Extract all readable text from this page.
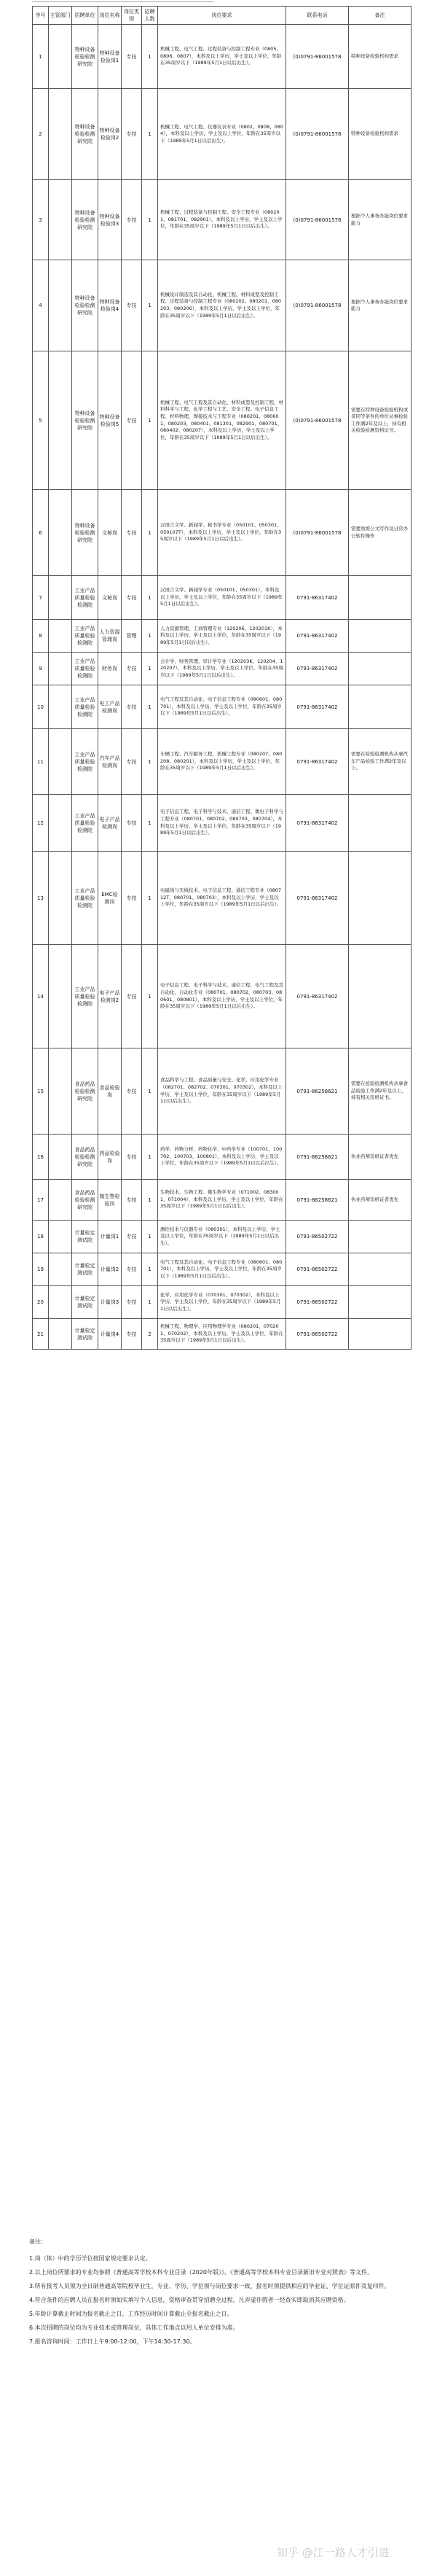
序号	主管部门	招聘单位	岗位名称	岗位类别	招聘人数	岗位要求	联系电话	备注
1		特种设备检验检测研究院	特种设备检验岗1	专技	1	机械工程、电气工程、过程装备与控制工程专业（0805、0806、0807），本科及以上学历，学士及以上学位，年龄在35周岁以下（1989年5月1日以后出生）。	(0)0791-86001578	特种设备检验机构需求
2		特种设备检验检测研究院	特种设备检验岗2	专技	1	机械工程、电气工程、仪器仪表专业（0802、0808、0804），本科及以上学历，学士及以上学位，年龄在35周岁以下（1989年5月1日以后出生）。	(0)0791-86001578	特种设备检验机构需求
3		特种设备检验检测研究院	特种设备检验岗3	专技	1	机械工程、过程装备与控制工程、安全工程专业（080201、081701、082901），本科及以上学历，学士及以上学位，年龄在35周岁以下（1989年5月1日以后出生）。	(0)0791-86001578	根据个人事务办能岗位要求能力
4		特种设备检验检测研究院	特种设备检验岗4	专技	1	机械设计制造及其自动化、机械工程、材料成型及控制工程、过程装备与控制工程专业（080202、080201、080203、080206），本科及以上学历，学士及以上学位，年龄在35周岁以下（1989年5月1日以后出生）。	(0)0791-86001578	根据个人事务办能岗位要求能力
5		特种设备检验检测研究院	特种设备检验岗5	专技	1	机械工程、电气工程及其自动化、材料成型及控制工程、材料科学与工程、化学工程与工艺、安全工程、电子信息工程、材料物理、焊接技术与工程专业（080201、080601、080203、080401、081301、082901、080701、080402、080207），本科及以上学历，学士及以上学位，年龄在35周岁以下（1989年5月1日以后出生）。	(0)0791-86001578	需要在特种设备检验机构或者同等条件的单位从事检验工作满2年及以上，持有相关检验检测资格证书。
6		特种设备检验检测研究院	文秘岗	专技	1	汉语言文学、新闻学、秘书学专业（050101、050301、050107T），本科及以上学历，学士及以上学位，年龄在35周岁以下（1989年5月1日以后出生）。	(0)0791-86001578	需要熟练公文写作及日常办公软件操作
7		工业产品质量检验检测院	文秘岗	专技	1	汉语言文学、新闻学专业（050101、050301），本科及以上学历，学士及以上学位，年龄在35周岁以下（1989年5月1日以后出生）。	0791-86317402	
8		工业产品质量检验检测院	人力资源管理岗	管理	1	人力资源管理、工商管理专业（120206、120201K），本科及以上学历，学士及以上学位，年龄在35周岁以下（1989年5月1日以后出生）。	0791-86317402	
9		工业产品质量检验检测院	财务岗	专技	1	会计学、财务管理、审计学专业（120203K、120204、120207），本科及以上学历，学士及以上学位，年龄在35周岁以下（1989年5月1日以后出生）。	0791-86317402	
10		工业产品质量检验检测院	电工产品检测岗	专技	1	电气工程及其自动化、电子信息工程专业（080601、080701），本科及以上学历，学士及以上学位，年龄在35周岁以下（1989年5月1日以后出生）。	0791-86317402	
11		工业产品质量检验检测院	汽车产品检测岗	专技	1	车辆工程、汽车服务工程、机械工程专业（080207、080208、080201），本科及以上学历，学士及以上学位，年龄在35周岁以下（1989年5月1日以后出生）。	0791-86317402	需要在检验检测机构从事汽车产品检验工作满2年及以上。
12		工业产品质量检验检测院	电子产品检测岗	专技	1	电子信息工程、电子科学与技术、通信工程、微电子科学与工程专业（080701、080702、080703、080704），本科及以上学历，学士及以上学位，年龄在35周岁以下（1989年5月1日以后出生）。	0791-86317402	
13		工业产品质量检验检测院	EMC检测岗	专技	1	电磁场与无线技术、电子信息工程、通信工程专业（080712T、080701、080703），本科及以上学历，学士及以上学位，年龄在35周岁以下（1989年5月1日以后出生）。	0791-86317402	
14		工业产品质量检验检测院	电子产品检测岗2	专技	1	电子信息工程、电子科学与技术、通信工程、电气工程及其自动化、自动化专业（080701、080702、080703、080601、080801），本科及以上学历，学士及以上学位，年龄在35周岁以下（1989年5月1日以后出生）。	0791-86317402	
15		食品药品检验检测研究院	食品检验岗	专技	1	食品科学与工程、食品质量与安全、化学、应用化学专业（082701、082702、070301、070302），本科及以上学历，学士及以上学位，年龄在35周岁以下（1989年5月1日以后出生）。	0791-86258621	需要在检验检测机构从事食品检验工作满2年及以上，持有相关资格证书。
16		食品药品检验检测研究院	药品检验岗	专技	1	药学、药物分析、药物化学、中药学专业（100701、100702、100703、100801），本科及以上学历，学士及以上学位，年龄在35周岁以下（1989年5月1日以后出生）。	0791-86258621	执业药师资格证者优先
17		食品药品检验检测研究院	微生物检验岗	专技	1	生物技术、生物工程、微生物学专业（071002、083001、071004），本科及以上学历，学士及以上学位，年龄在35周岁以下（1989年5月1日以后出生）。	0791-86258621	执业药师资格证者优先
18		计量检定测试院	计量岗1	专技	1	测控技术与仪器专业（080301），本科及以上学历，学士及以上学位，年龄在35周岁以下（1989年5月1日以后出生）。	0791-86502722	
19		计量检定测试院	计量岗2	专技	1	电气工程及其自动化、电子信息工程专业（080601、080701），本科及以上学历，学士及以上学位，年龄在35周岁以下（1989年5月1日以后出生）。	0791-86502722	
20		计量检定测试院	计量岗3	专技	1	化学、应用化学专业（070301、070302），本科及以上学历，学士及以上学位，年龄在35周岁以下（1989年5月1日以后出生）。	0791-86502722	
21		计量检定测试院	计量岗4	专技	2	机械工程、物理学、应用物理学专业（080201、070201、070202），本科及以上学历，学士及以上学位，年龄在35周岁以下（1989年5月1日以后出生）。	0791-86502722	

备注：

1.岗（体）中的学历学位按国家规定要求认定。

2.以上岗位所要求的专业均参照《普通高等学校本科专业目录（2020年版）》、《普通高等学校本科专业目录新旧专业对照表》等文件。

3.所有报考人员须为全日制普通高等院校毕业生，专业、学历、学位须与岗位要求一致，报名时须提供相应的毕业证、学位证原件及复印件。

4.符合条件的应聘人员在报名时须如实填写个人信息，资格审查贯穿招聘全过程，凡弄虚作假者一经查实即取消其应聘资格。

5.年龄计算截止时间为报名截止之日，工作经历时间计算截止至报名截止之日。

6.本次招聘的岗位均为专业技术或管理岗位，具体工作地点以用人单位安排为准。

7.报名咨询时间：工作日上午9:00-12:00，下午14:30-17:30。

知乎 @江一路人才引进
